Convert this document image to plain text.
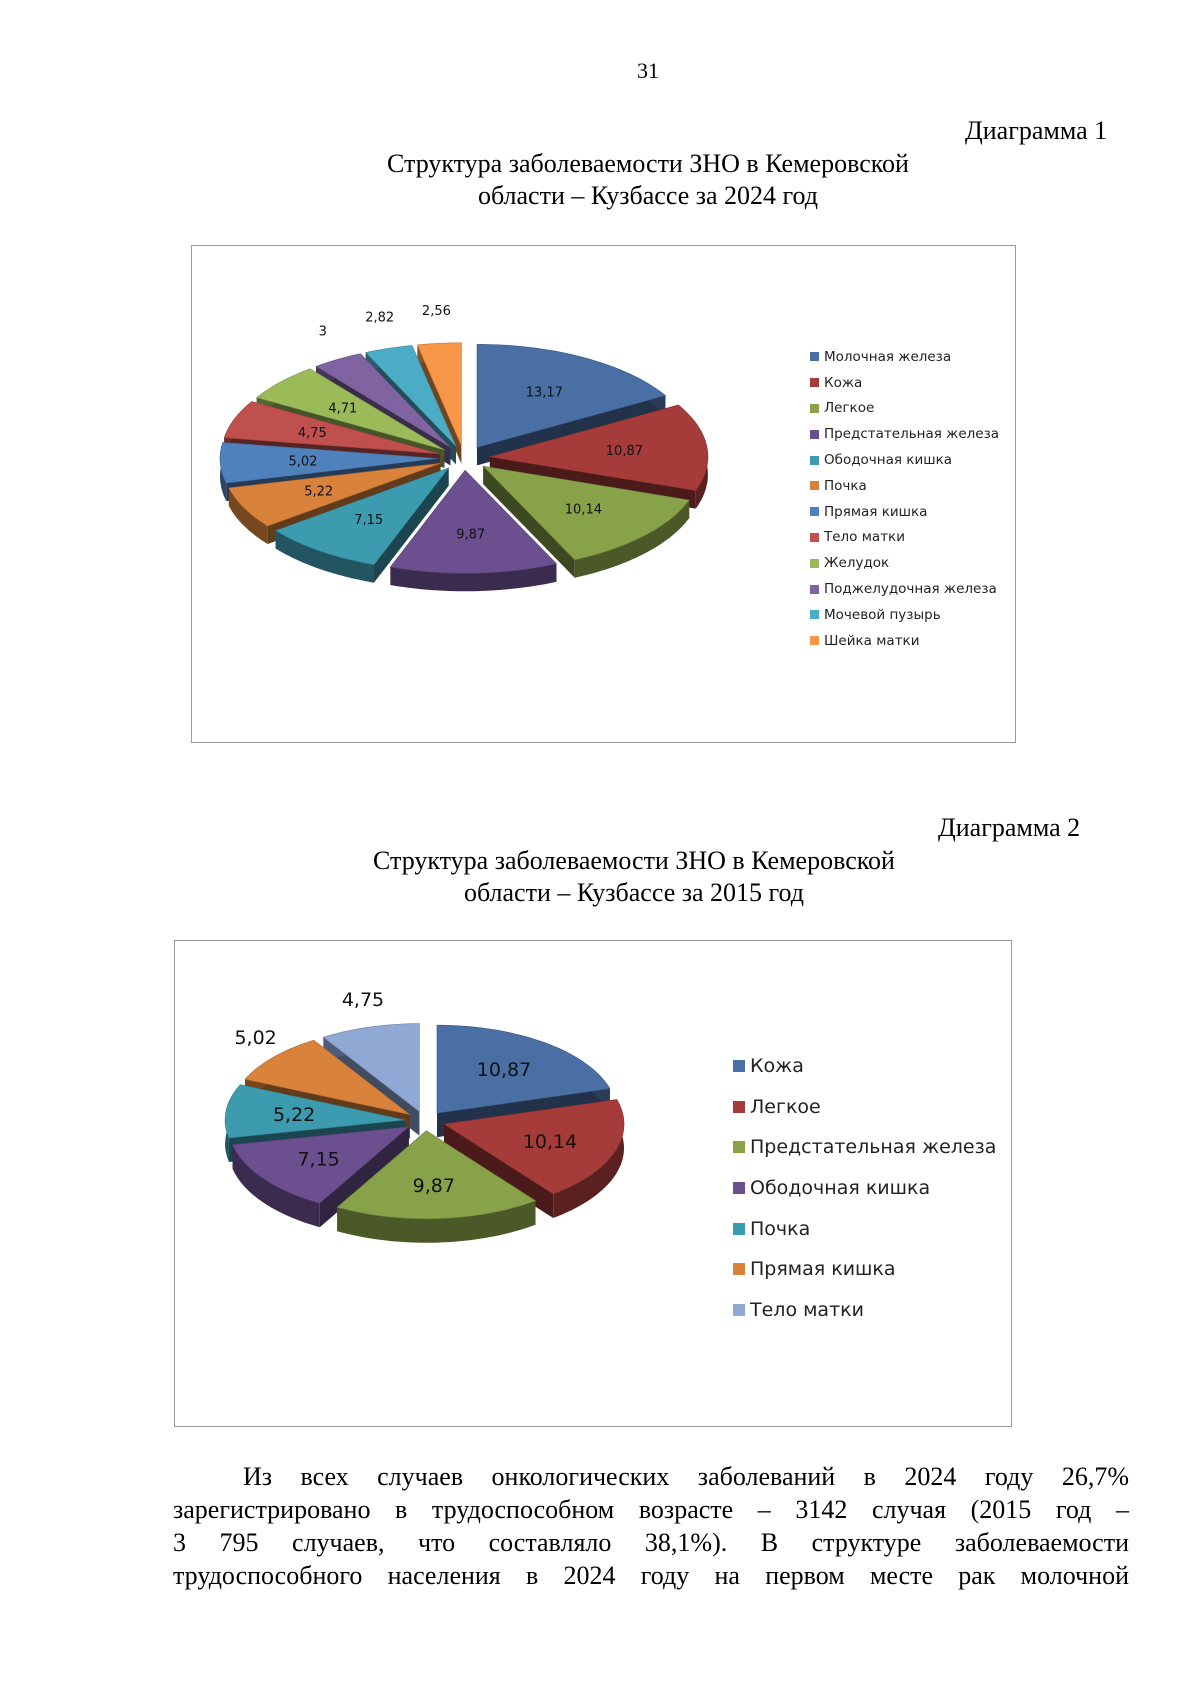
31
Диаграмма 1
Структура заболеваемости ЗНО в Кемеровской
области – Кузбассе за 2024 год
13,17
10,87
10,14
9,87
7,15
5,22
5,02
4,75
4,71
3
2,82 2,56
Молочная железа
Кожа
Легкое
Предстательная железа
Ободочная кишка
Почка
Прямая кишка
Тело матки
Желудок
Поджелудочная железа
Мочевой пузырь
Шейка матки
Диаграмма 2
Структура заболеваемости ЗНО в Кемеровской
области – Кузбассе за 2015 год
10,87
10,14
9,87
7,15
5,22
5,02
4,75
Кожа
Легкое
Предстательная железа
Ободочная кишка
Почка
Прямая кишка
Тело матки
Из всех случаев онкологических заболеваний в 2024 году 26,7%
зарегистрировано в трудоспособном возрасте – 3142 случая (2015 год –
3 795 случаев, что составляло 38,1%). В структуре заболеваемости
трудоспособного населения в 2024 году на первом месте рак молочной
